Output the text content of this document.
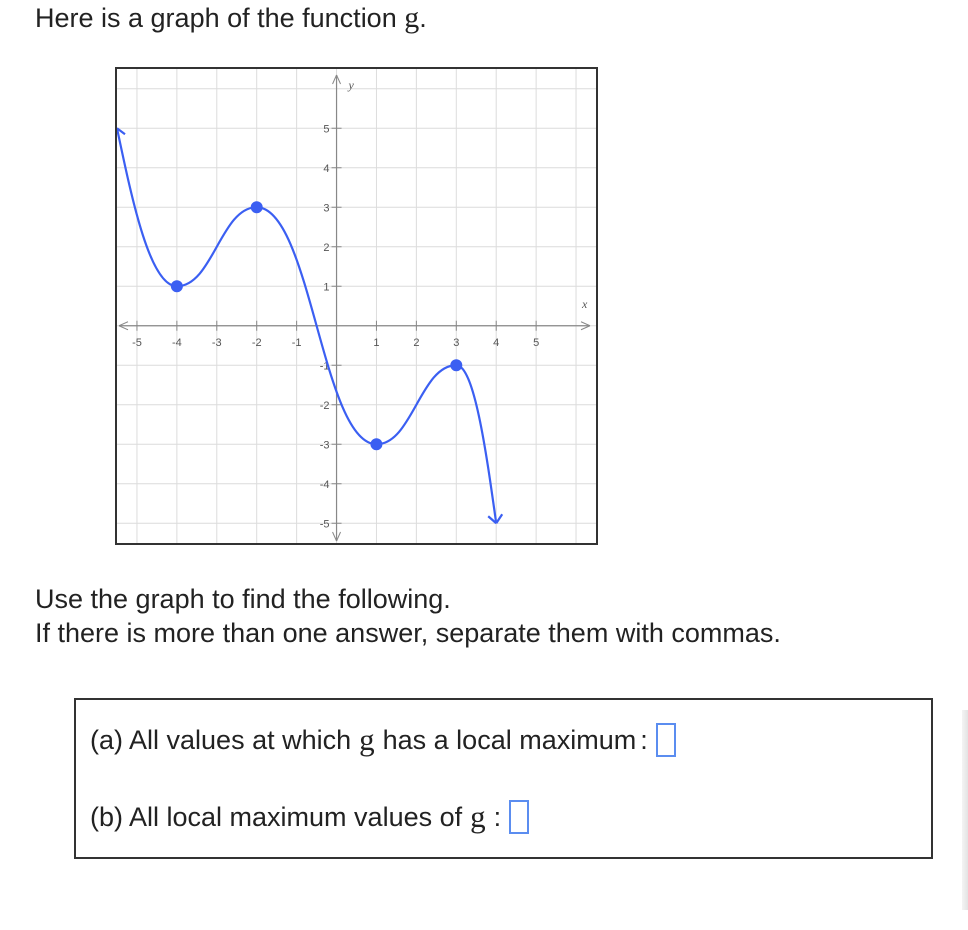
Here is a graph of the function g.
-5	-4	-3	-2	-1	1	2	3	4	5
5
4
3
2
1
-1
-2
-3
-4
-5
x
y
Use the graph to find the following.
If there is more than one answer, separate them with commas.
(a) All values at which g has a local maximum :
(b) All local maximum values of g :
